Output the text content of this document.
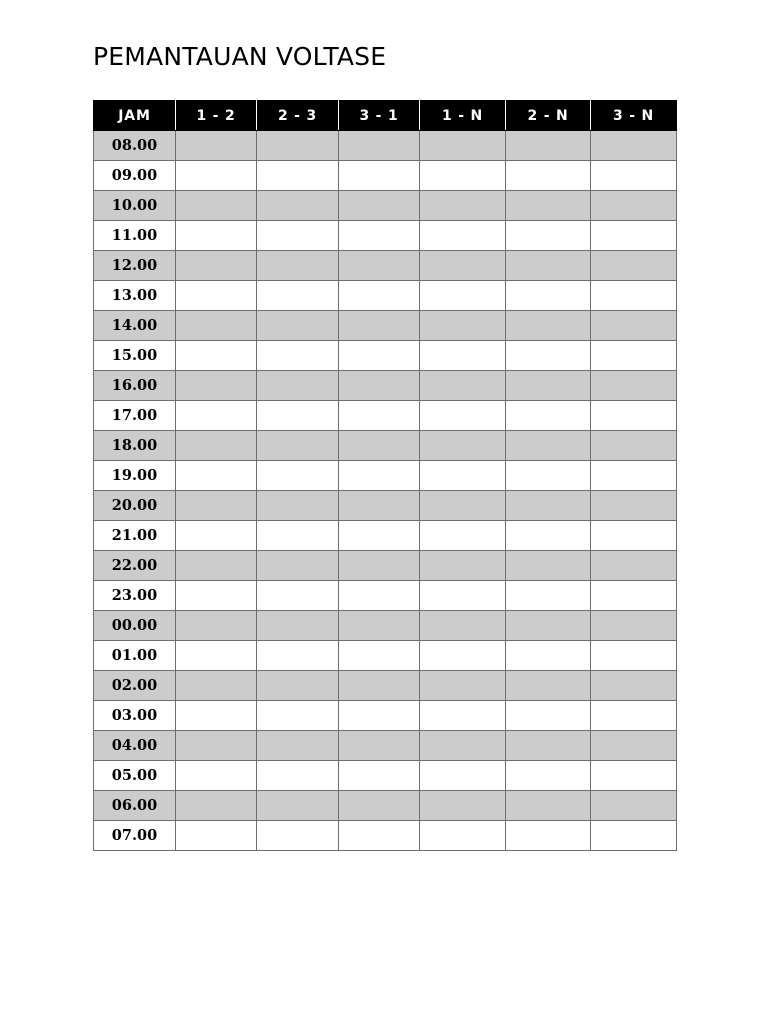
PEMANTAUAN VOLTASE
JAM	1 - 2	2 - 3	3 - 1	1 - N	2 - N	3 - N
08.00						
09.00						
10.00						
11.00						
12.00						
13.00						
14.00						
15.00						
16.00						
17.00						
18.00						
19.00						
20.00						
21.00						
22.00						
23.00						
00.00						
01.00						
02.00						
03.00						
04.00						
05.00						
06.00						
07.00						
